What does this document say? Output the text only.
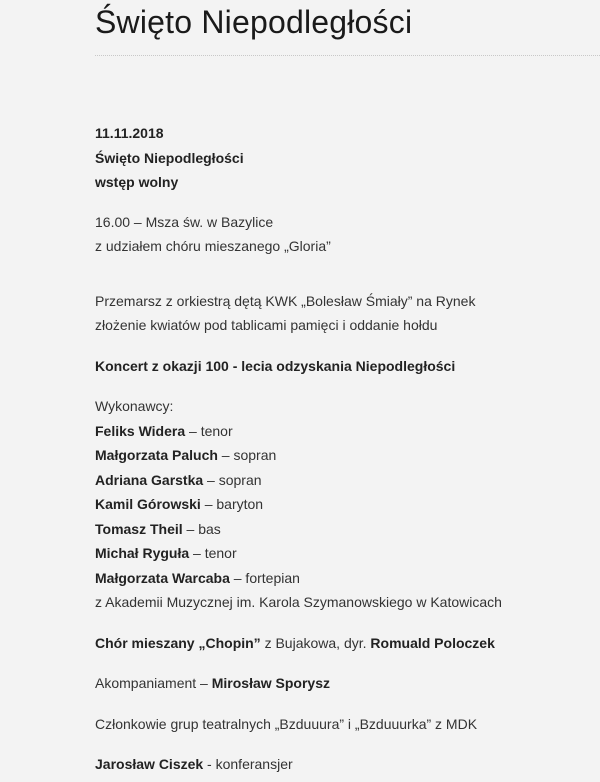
Święto Niepodległości
11.11.2018
Święto Niepodległości
wstęp wolny
16.00 – Msza św. w Bazylice
z udziałem chóru mieszanego „Gloria”
Przemarsz z orkiestrą dętą KWK „Bolesław Śmiały” na Rynek
złożenie kwiatów pod tablicami pamięci i oddanie hołdu
Koncert z okazji 100 - lecia odzyskania Niepodległości
Wykonawcy:
Feliks Widera – tenor
Małgorzata Paluch – sopran
Adriana Garstka – sopran
Kamil Górowski – baryton
Tomasz Theil – bas
Michał Ryguła – tenor
Małgorzata Warcaba – fortepian
z Akademii Muzycznej im. Karola Szymanowskiego w Katowicach
Chór mieszany „Chopin” z Bujakowa, dyr. Romuald Poloczek
Akompaniament – Mirosław Sporysz
Członkowie grup teatralnych „Bzduuura” i „Bzduuurka” z MDK
Jarosław Ciszek - konferansjer
